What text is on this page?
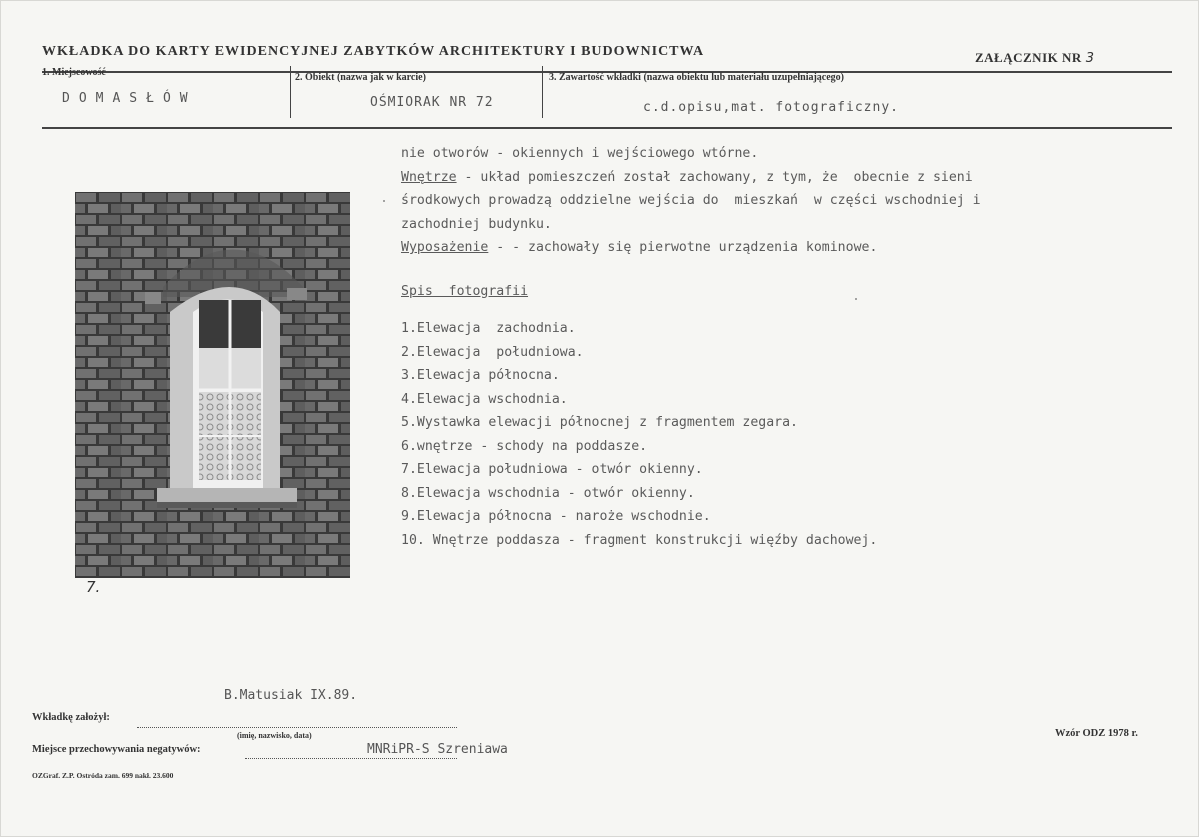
WKŁADKA DO KARTY EWIDENCYJNEJ ZABYTKÓW ARCHITEKTURY I BUDOWNICTWA	ZAŁĄCZNIK NR 3
1. Miejscowość	2. Obiekt (nazwa jak w karcie)	3. Zawartość wkładki (nazwa obiektu lub materiału uzupełniającego)
DOMASŁÓW	OŚMIORAK NR 72	c.d.opisu,mat. fotograficzny.
nie otworów - okiennych i wejściowego wtórne.
Wnętrze - układ pomieszczeń został zachowany, z tym, że  obecnie z sieni
środkowych prowadzą oddzielne wejścia do  mieszkań  w części wschodniej i
zachodniej budynku.
Wyposażenie - - zachowały się pierwotne urządzenia kominowe.
Spis  fotografii
1.Elewacja  zachodnia.
2.Elewacja  południowa.
3.Elewacja północna.
4.Elewacja wschodnia.
5.Wystawka elewacji północnej z fragmentem zegara.
6.wnętrze - schody na poddasze.
7.Elewacja południowa - otwór okienny.
8.Elewacja wschodnia - otwór okienny.
9.Elewacja północna - naroże wschodnie.
10. Wnętrze poddasza - fragment konstrukcji więźby dachowej.
7.
B.Matusiak IX.89.
Wkładkę założył:
(imię, nazwisko, data)
Miejsce przechowywania negatywów:	MNRiPR-S Szreniawa
Wzór ODZ 1978 r.
OZGraf. Z.P. Ostróda zam. 699 nakł. 23.600
